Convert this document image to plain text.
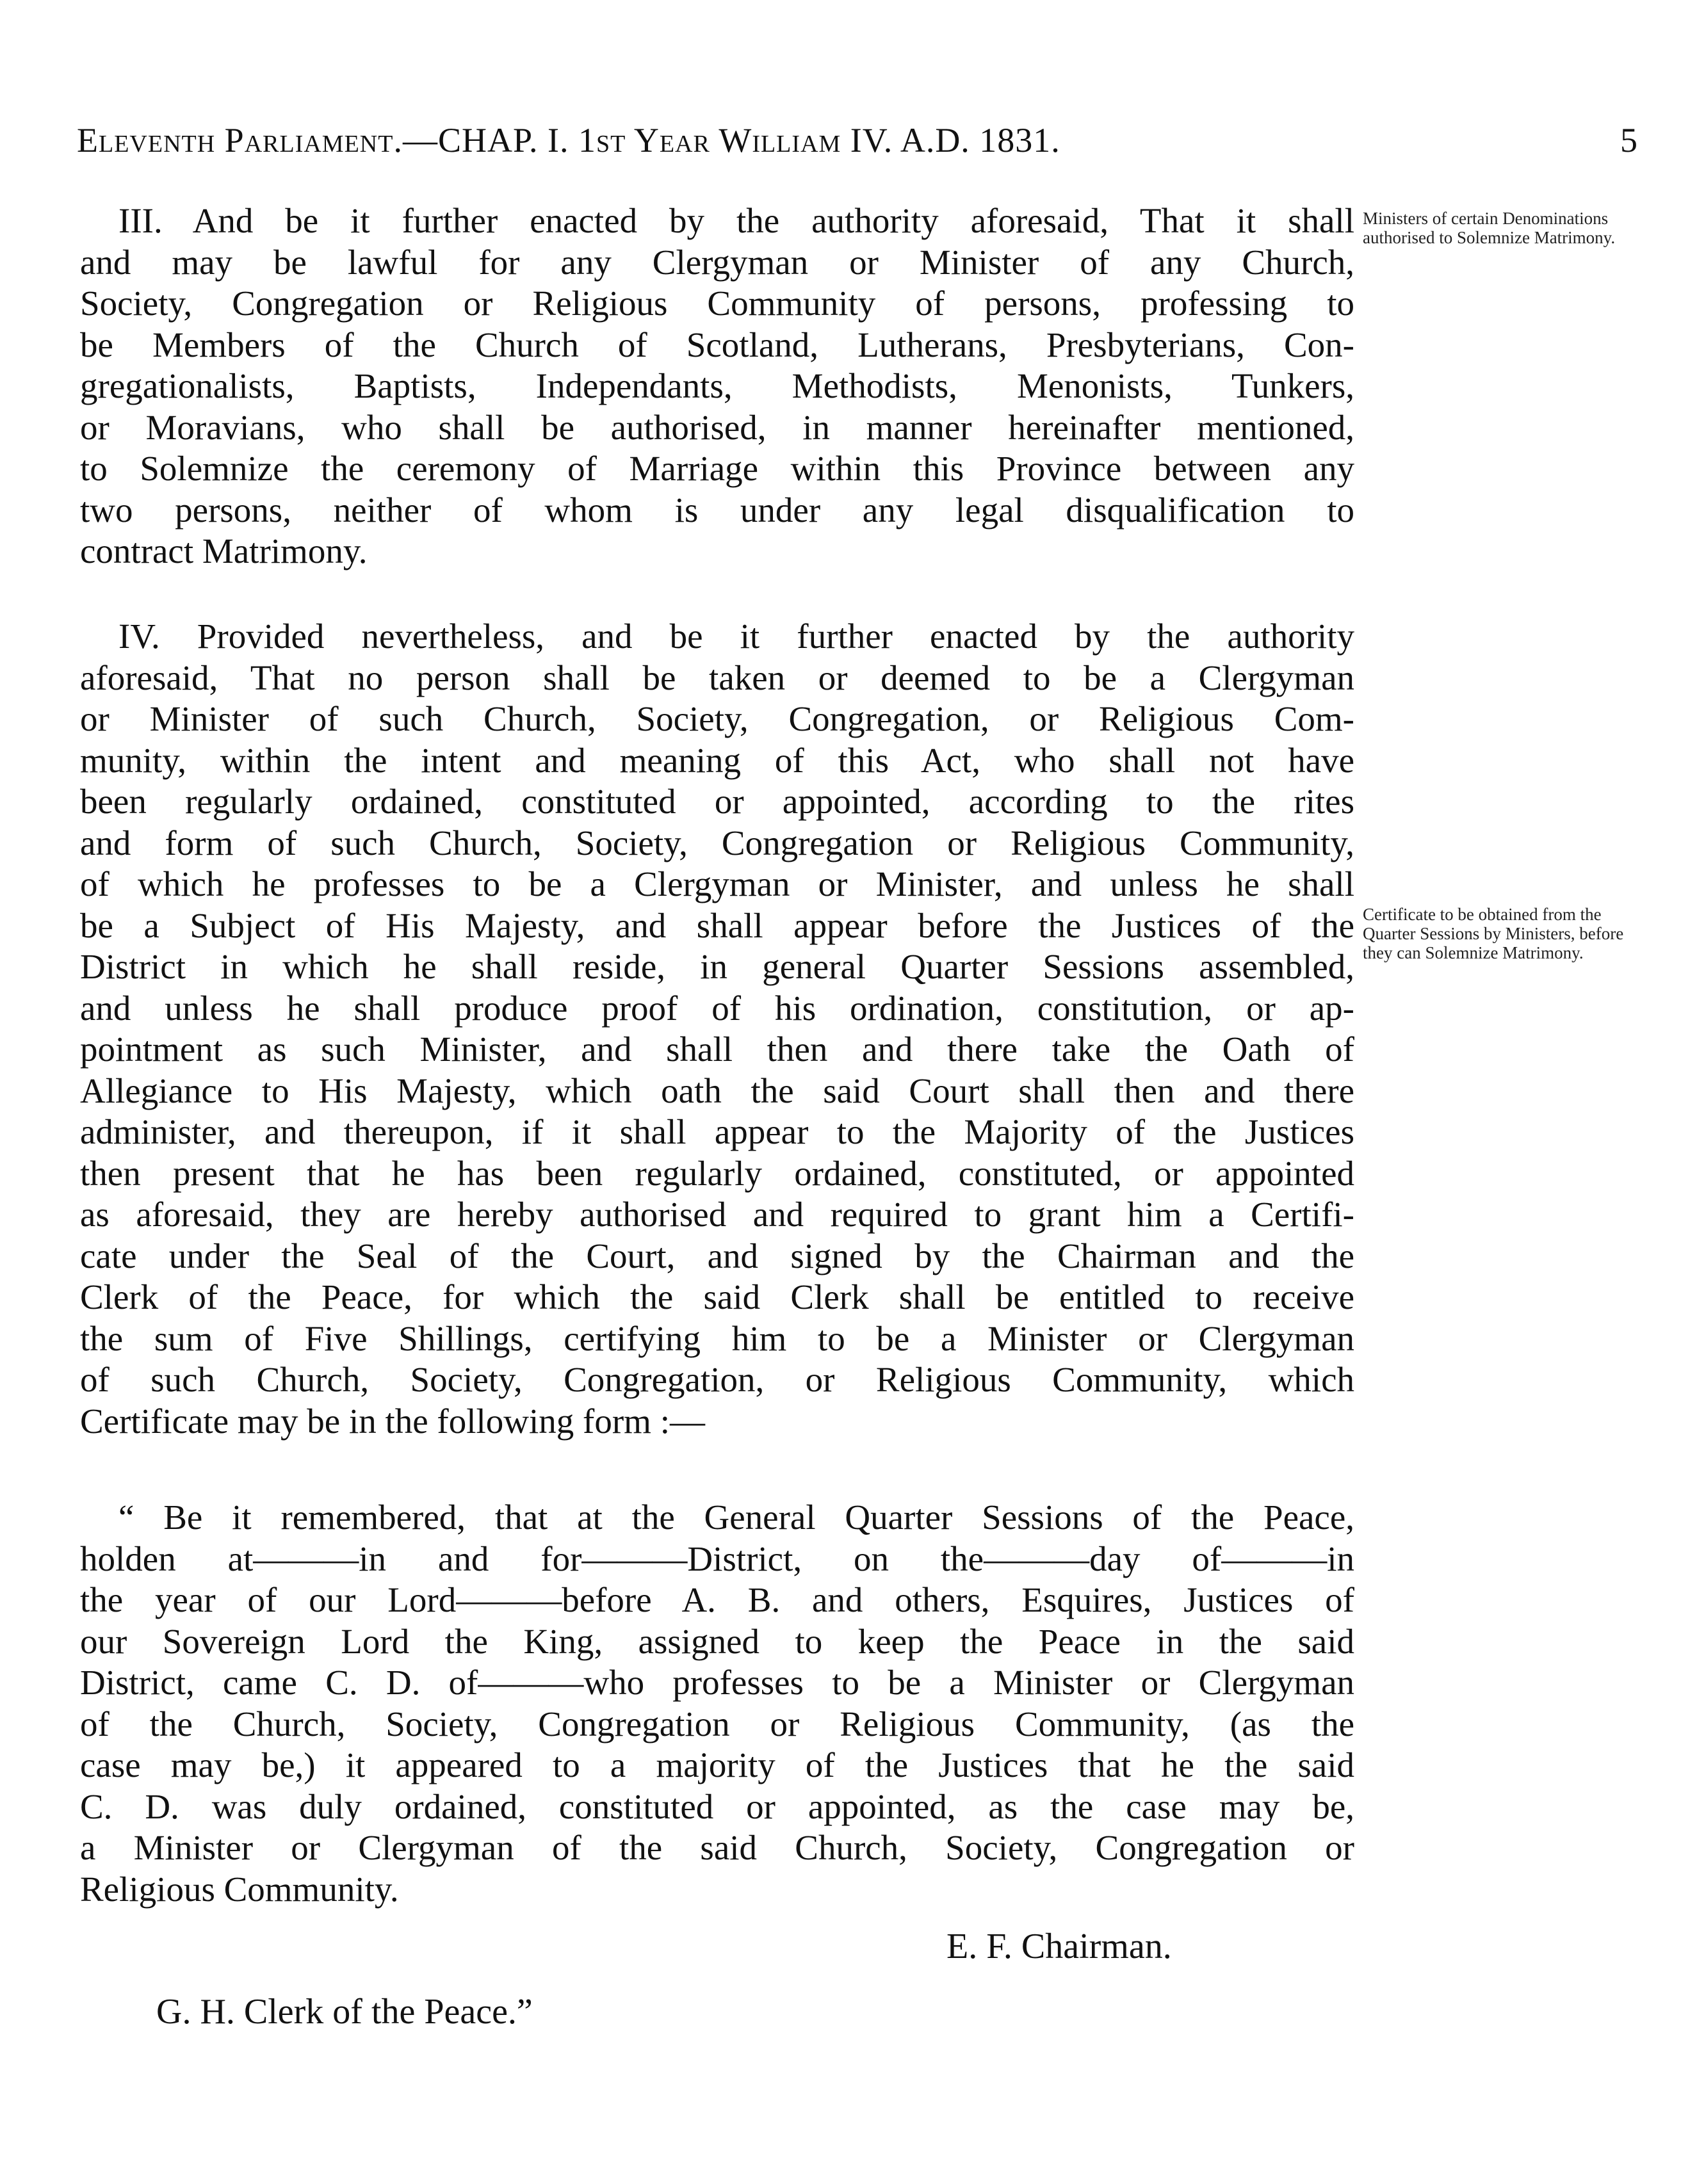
Eleventh Parliament.—CHAP. I. 1st Year William IV. A.D. 1831.	5
III. And be it further enacted by the authority aforesaid, That it shall
and may be lawful for any Clergyman or Minister of any Church,
Society, Congregation or Religious Community of persons, professing to
be Members of the Church of Scotland, Lutherans, Presbyterians, Con-
gregationalists, Baptists, Independants, Methodists, Menonists, Tunkers,
or Moravians, who shall be authorised, in manner hereinafter mentioned,
to Solemnize the ceremony of Marriage within this Province between any
two persons, neither of whom is under any legal disqualification to
contract Matrimony.
Ministers of certain Denominations authorised to Solemnize Matrimony.
IV. Provided nevertheless, and be it further enacted by the authority
aforesaid, That no person shall be taken or deemed to be a Clergyman
or Minister of such Church, Society, Congregation, or Religious Com-
munity, within the intent and meaning of this Act, who shall not have
been regularly ordained, constituted or appointed, according to the rites
and form of such Church, Society, Congregation or Religious Community,
of which he professes to be a Clergyman or Minister, and unless he shall
be a Subject of His Majesty, and shall appear before the Justices of the
District in which he shall reside, in general Quarter Sessions assembled,
and unless he shall produce proof of his ordination, constitution, or ap-
pointment as such Minister, and shall then and there take the Oath of
Allegiance to His Majesty, which oath the said Court shall then and there
administer, and thereupon, if it shall appear to the Majority of the Justices
then present that he has been regularly ordained, constituted, or appointed
as aforesaid, they are hereby authorised and required to grant him a Certifi-
cate under the Seal of the Court, and signed by the Chairman and the
Clerk of the Peace, for which the said Clerk shall be entitled to receive
the sum of Five Shillings, certifying him to be a Minister or Clergyman
of such Church, Society, Congregation, or Religious Community, which
Certificate may be in the following form :—
Certificate to be obtained from the Quarter Sessions by Ministers, before they can Solemnize Matrimony.
“ Be it remembered, that at the General Quarter Sessions of the Peace,
holden at———in and for———District, on the———day of———in
the year of our Lord———before A. B. and others, Esquires, Justices of
our Sovereign Lord the King, assigned to keep the Peace in the said
District, came C. D. of———who professes to be a Minister or Clergyman
of the Church, Society, Congregation or Religious Community, (as the
case may be,) it appeared to a majority of the Justices that he the said
C. D. was duly ordained, constituted or appointed, as the case may be,
a Minister or Clergyman of the said Church, Society, Congregation or
Religious Community.
E. F. Chairman.
G. H. Clerk of the Peace.”
